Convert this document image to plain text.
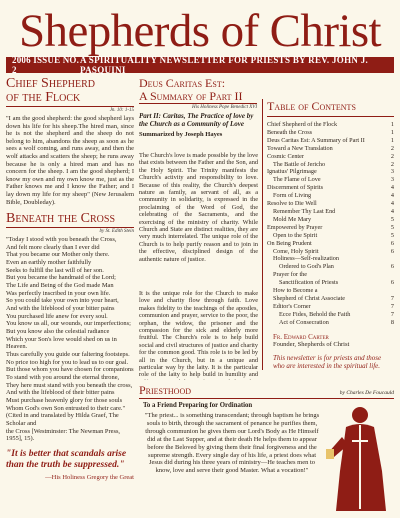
Shepherds of Christ
2006 ISSUE NO. 2
A SPIRITUALITY NEWSLETTER FOR PRIESTS BY REV. JOHN J. PASQUINI
Chief Shepherd
of the Flock
Jn. 10: 1-15
"I am the good shepherd: the good shepherd lays down his life for his sheep.The hired man, since he is not the shepherd and the sheep do not belong to him, abandons the sheep as soon as he sees a wolf coming, and runs away, and then the wolf attacks and scatters the sheep; he runs away because he is only a hired man and has no concern for the sheep. I am the good shepherd; I know my own and my own know me, just as the Father knows me and I know the Father; and I lay down my life for my sheep" (New Jerusalem Bible, Doubleday).
Beneath the Cross
by St. Edith Stein
"Today I stood with you beneath the Cross,
And felt more clearly than I ever did
That you became our Mother only there.
Even an earthly mother faithfully
Seeks to fulfill the last will of her son.
But you became the handmaid of the Lord;
The Life and Being of the God made Man
Was perfectly inscribed in your own life.
So you could take your own into your heart,
And with the lifeblood of your bitter pains
You purchased life anew for every soul.
You know us all, our wounds, our imperfections;
But you know also the celestial radiance
Which your Son's love would shed on us in Heaven.
Thus carefully you guide our faltering footsteps.
No price too high for you to lead us to our goal.
But those whom you have chosen for companions
To stand with you around the eternal throne,
They here must stand with you beneath the cross,
And with the lifeblood of their bitter pains
Must purchase heavenly glory for those souls
Whom God's own Son entrusted to their care."
(Cited in and translated by Hilda Graef, The Scholar and
the Cross [Westminster: The Newman Press, 1955], 15).
"It is better that scandals arise than the truth be suppressed."
—His Holiness Gregory the Great
Deus Caritas Est:
A Summary of Part II
His Holiness Pope Benedict XVI
Part II: Caritas, The Practice of love by the Church as a Community of Love
Summarized by Joseph Hayes
The Church's love is made possible by the love that exists between the Father and the Son, and the Holy Spirit. The Trinity manifests the Church's activity and responsibility to love. Because of this reality, the Church's deepest nature as family, as servant of all, as a community in solidarity, is expressed in the proclaiming of the Word of God, the celebrating of the Sacraments, and the exercising of the ministry of charity. While Church and State are distinct realities, they are very much interrelated. The unique role of the Church is to help purify reason and to join in the effective, disciplined design of the authentic nature of justice.
Table of Contents
Chief Shepherd of the Flock	1
Beneath the Cross	1
Deus Caritas Est: A Summary of Part II	1
Toward a New Translation	2
Cosmic Center	2
The Battle of Jericho	2
Ignatius' Pilgrimage	3
The Flame of Love	3
Discernment of Spirits	4
Form of Living	4
Resolve to Die Well	4
Remember Thy Last End	4
Mold Me Mary	5
Empowered by Prayer	5
Open to the Spirit	5
On Being Prudent	6
Come, Holy Spirit	6
Holiness—Self-realization
Ordered to God's Plan	6
Prayer for the
Sanctification of Priests	6
How to Become a
Shepherd of Christ Associate	7
Editor's Corner	7
Ecce Fides, Behold the Faith	7
Act of Consecration	8
Fr. Edward Carter
Founder, Shepherds of Christ
This newsletter is for priests and those who are interested in the spiritual life.
Priesthood	by Charles De Foucauld
To a Friend Preparing for Ordination
"The priest... is something transcendant; through baptism he brings souls to birth, through the sacrament of penance he purifies them, through communion he gives them our Lord's Body as He Himself did at the Last Supper, and at their death He helps them to appear before the Beloved by giving them their final forgiveness and the supreme strength. Every single day of his life, a priest does what Jesus did during his three years of ministry—He teaches men to know, love and serve their good Master. What a vocation!"
It is the unique role for the Church to make love and charity flow through faith. Love makes fidelity to the teachings of the apostles, communion and prayer, service to the poor, the orphan, the widow, the prisoner and the compassion for the sick and elderly more fruitful. The Church's role is to help build social and civil structures of justice and charity for the common good. This role is to be led by all in the Church, but in a unique and particular way by the laity. It is the particular role of the laity to help build in humility and
